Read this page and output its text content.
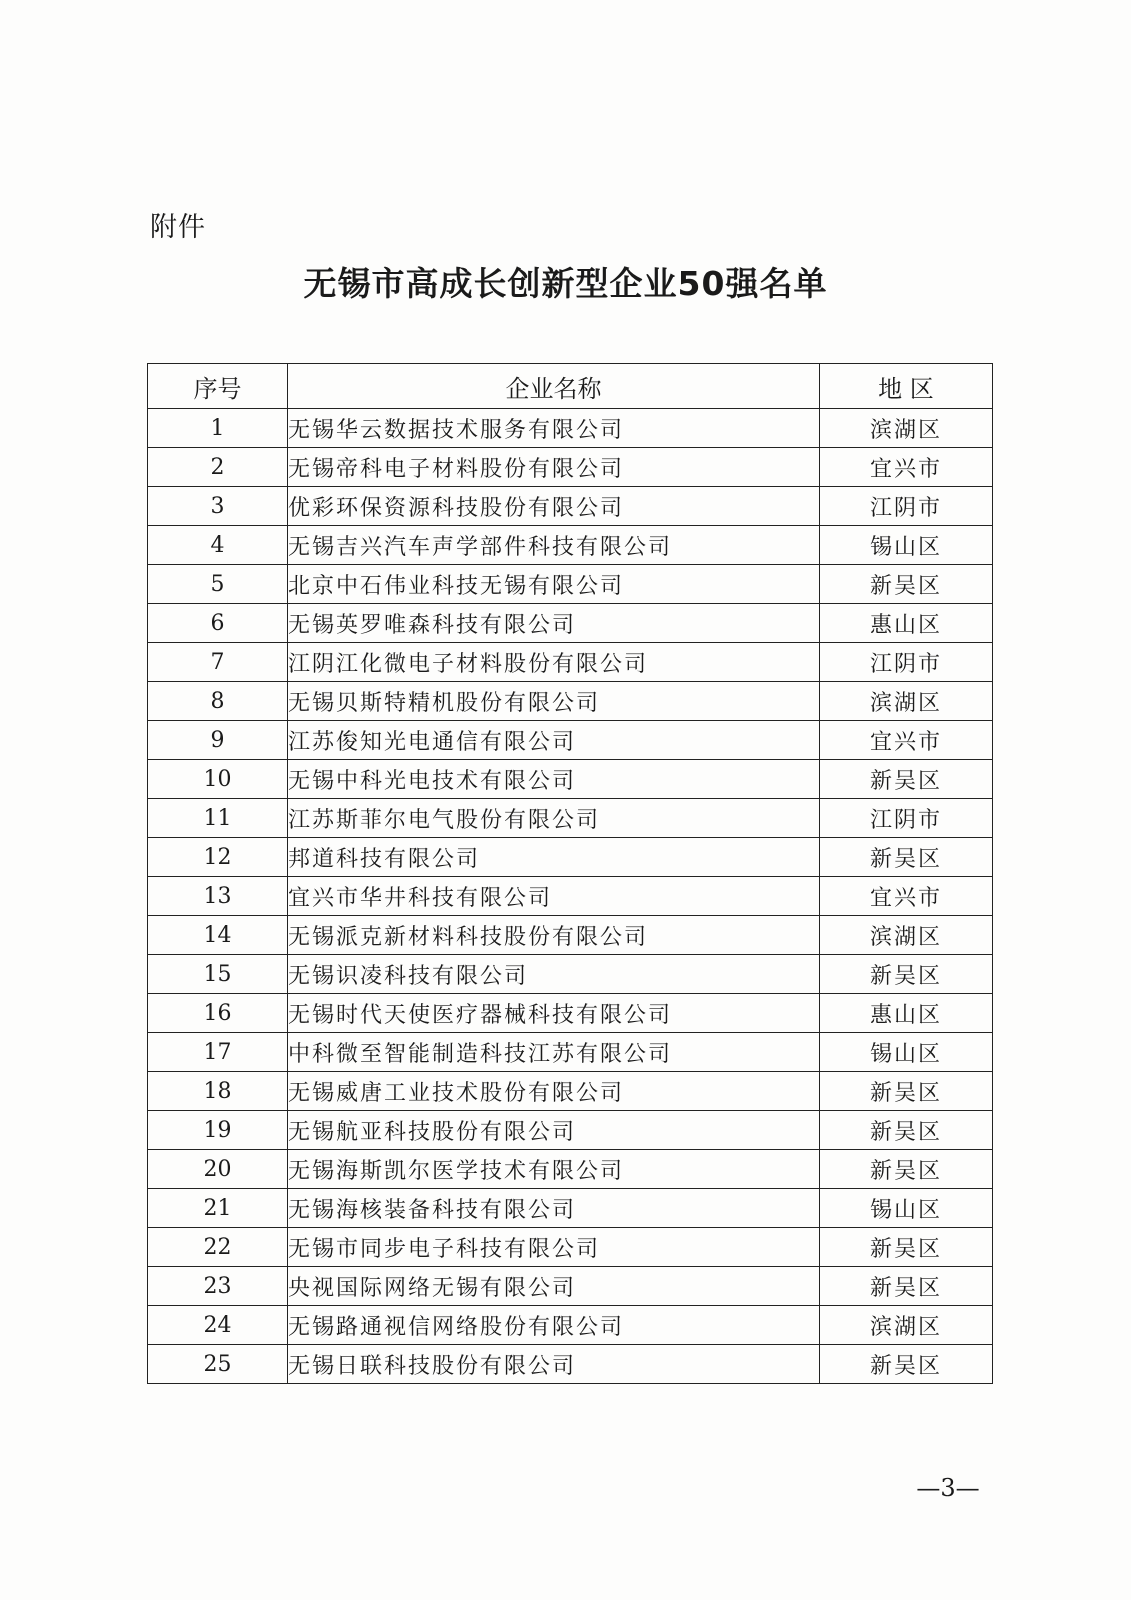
附件
无锡市高成长创新型企业50强名单
序号	企业名称	地 区
1	无锡华云数据技术服务有限公司	滨湖区
2	无锡帝科电子材料股份有限公司	宜兴市
3	优彩环保资源科技股份有限公司	江阴市
4	无锡吉兴汽车声学部件科技有限公司	锡山区
5	北京中石伟业科技无锡有限公司	新吴区
6	无锡英罗唯森科技有限公司	惠山区
7	江阴江化微电子材料股份有限公司	江阴市
8	无锡贝斯特精机股份有限公司	滨湖区
9	江苏俊知光电通信有限公司	宜兴市
10	无锡中科光电技术有限公司	新吴区
11	江苏斯菲尔电气股份有限公司	江阴市
12	邦道科技有限公司	新吴区
13	宜兴市华井科技有限公司	宜兴市
14	无锡派克新材料科技股份有限公司	滨湖区
15	无锡识凌科技有限公司	新吴区
16	无锡时代天使医疗器械科技有限公司	惠山区
17	中科微至智能制造科技江苏有限公司	锡山区
18	无锡威唐工业技术股份有限公司	新吴区
19	无锡航亚科技股份有限公司	新吴区
20	无锡海斯凯尔医学技术有限公司	新吴区
21	无锡海核装备科技有限公司	锡山区
22	无锡市同步电子科技有限公司	新吴区
23	央视国际网络无锡有限公司	新吴区
24	无锡路通视信网络股份有限公司	滨湖区
25	无锡日联科技股份有限公司	新吴区
—3—
